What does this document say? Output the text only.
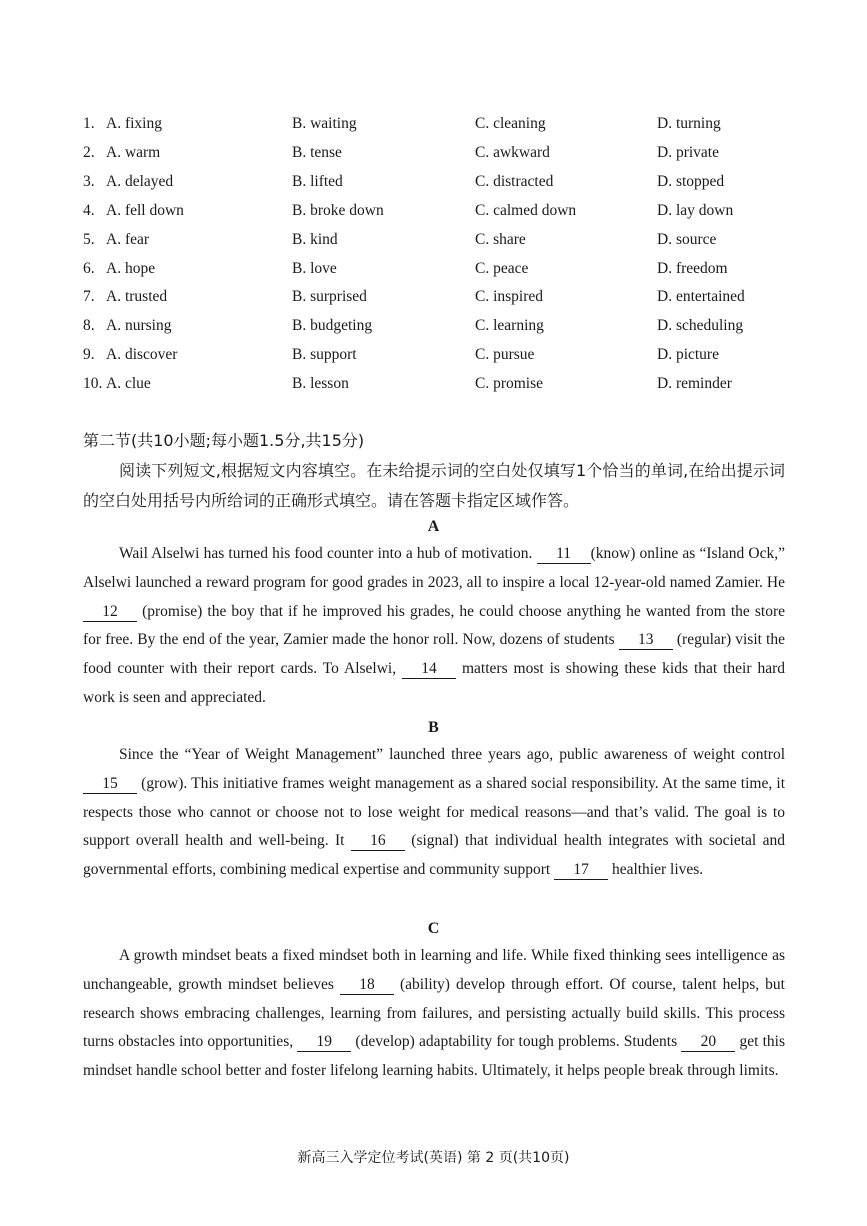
1. A. fixing	B. waiting	C. cleaning	D. turning
2. A. warm	B. tense	C. awkward	D. private
3. A. delayed	B. lifted	C. distracted	D. stopped
4. A. fell down	B. broke down	C. calmed down	D. lay down
5. A. fear	B. kind	C. share	D. source
6. A. hope	B. love	C. peace	D. freedom
7. A. trusted	B. surprised	C. inspired	D. entertained
8. A. nursing	B. budgeting	C. learning	D. scheduling
9. A. discover	B. support	C. pursue	D. picture
10. A. clue	B. lesson	C. promise	D. reminder
第二节(共10小题;每小题1.5分,共15分)
阅读下列短文,根据短文内容填空。在未给提示词的空白处仅填写1个恰当的单词,在给出提示词的空白处用括号内所给词的正确形式填空。请在答题卡指定区域作答。
A
Wail Alselwi has turned his food counter into a hub of motivation. 11 (know) online as “Island Ock,” Alselwi launched a reward program for good grades in 2023, all to inspire a local 12-year-old named Zamier. He 12 (promise) the boy that if he improved his grades, he could choose anything he wanted from the store for free. By the end of the year, Zamier made the honor roll. Now, dozens of students 13 (regular) visit the food counter with their report cards. To Alselwi, 14 matters most is showing these kids that their hard work is seen and appreciated.
B
Since the “Year of Weight Management” launched three years ago, public awareness of weight control 15 (grow). This initiative frames weight management as a shared social responsibility. At the same time, it respects those who cannot or choose not to lose weight for medical reasons—and that’s valid. The goal is to support overall health and well-being. It 16 (signal) that individual health integrates with societal and governmental efforts, combining medical expertise and community support 17 healthier lives.
C
A growth mindset beats a fixed mindset both in learning and life. While fixed thinking sees intelligence as unchangeable, growth mindset believes 18 (ability) develop through effort. Of course, talent helps, but research shows embracing challenges, learning from failures, and persisting actually build skills. This process turns obstacles into opportunities, 19 (develop) adaptability for tough problems. Students 20 get this mindset handle school better and foster lifelong learning habits. Ultimately, it helps people break through limits.
新高三入学定位考试(英语) 第 2 页(共10页)
